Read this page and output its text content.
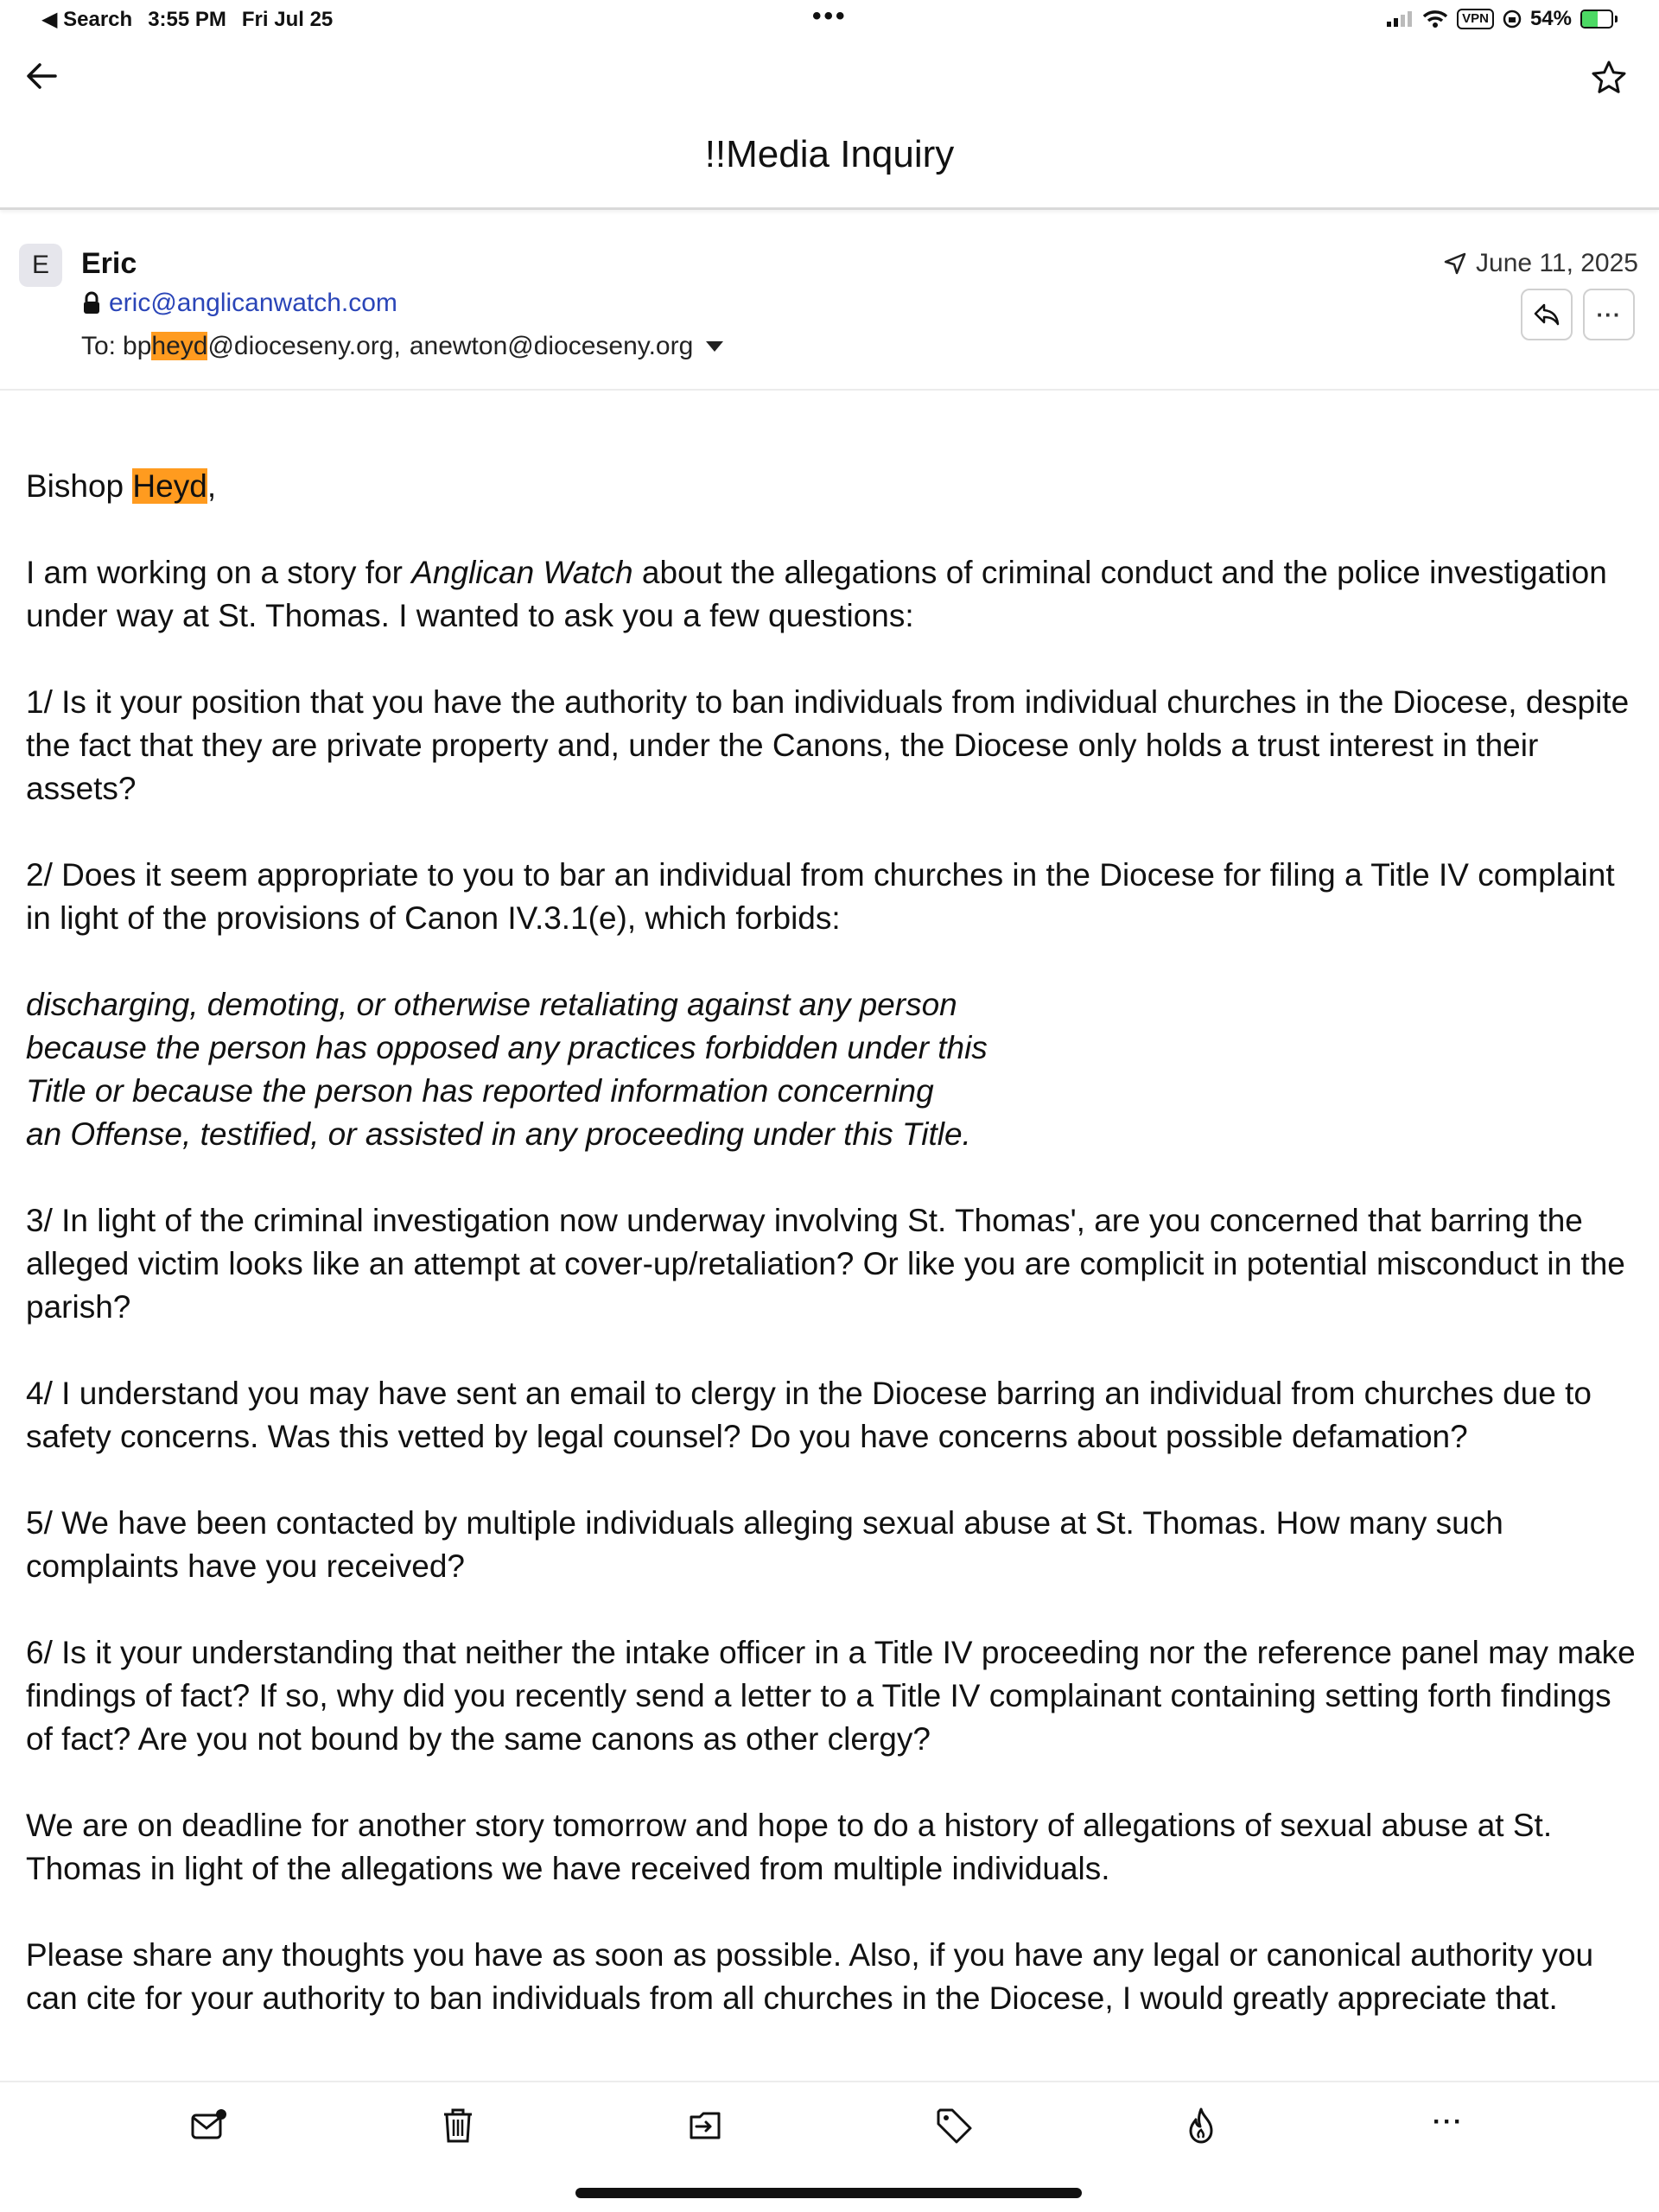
◀ Search 3:55 PM Fri Jul 25	•••	VPN 54%
!!Media Inquiry
E	Eric
eric@anglicanwatch.com
To: bpheyd@dioceseny.org, anewton@dioceseny.org
June 11, 2025
···

Bishop Heyd,

I am working on a story for Anglican Watch about the allegations of criminal conduct and the police investigation under way at St. Thomas. I wanted to ask you a few questions:

1/ Is it your position that you have the authority to ban individuals from individual churches in the Diocese, despite the fact that they are private property and, under the Canons, the Diocese only holds a trust interest in their assets?

2/ Does it seem appropriate to you to bar an individual from churches in the Diocese for filing a Title IV complaint in light of the provisions of Canon IV.3.1(e), which forbids:

discharging, demoting, or otherwise retaliating against any person
because the person has opposed any practices forbidden under this
Title or because the person has reported information concerning
an Offense, testified, or assisted in any proceeding under this Title.

3/ In light of the criminal investigation now underway involving St. Thomas', are you concerned that barring the alleged victim looks like an attempt at cover-up/retaliation? Or like you are complicit in potential misconduct in the parish?

4/ I understand you may have sent an email to clergy in the Diocese barring an individual from churches due to safety concerns. Was this vetted by legal counsel? Do you have concerns about possible defamation?

5/ We have been contacted by multiple individuals alleging sexual abuse at St. Thomas. How many such complaints have you received?

6/ Is it your understanding that neither the intake officer in a Title IV proceeding nor the reference panel may make findings of fact? If so, why did you recently send a letter to a Title IV complainant containing setting forth findings of fact? Are you not bound by the same canons as other clergy?

We are on deadline for another story tomorrow and hope to do a history of allegations of sexual abuse at St. Thomas in light of the allegations we have received from multiple individuals.

Please share any thoughts you have as soon as possible. Also, if you have any legal or canonical authority you can cite for your authority to ban individuals from all churches in the Diocese, I would greatly appreciate that.

···
